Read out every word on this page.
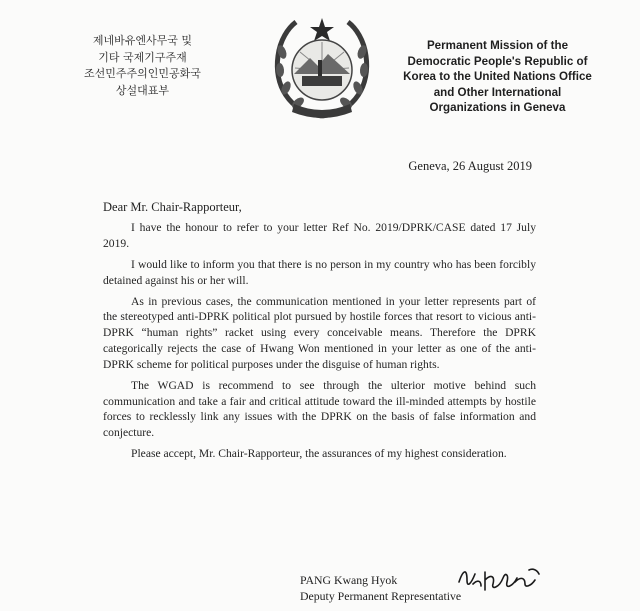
제네바유엔사무국 및
기타 국제기구주재
조선민주주의인민공화국
상설대표부
Permanent Mission of the
Democratic People's Republic of
Korea to the United Nations Office
and Other International
Organizations in Geneva
Geneva, 26 August 2019
Dear Mr. Chair-Rapporteur,

I have the honour to refer to your letter Ref No. 2019/DPRK/CASE dated 17 July 2019.

I would like to inform you that there is no person in my country who has been forcibly detained against his or her will.

As in previous cases, the communication mentioned in your letter represents part of the stereotyped anti-DPRK political plot pursued by hostile forces that resort to vicious anti-DPRK “human rights” racket using every conceivable means. Therefore the DPRK categorically rejects the case of Hwang Won mentioned in your letter as one of the anti-DPRK scheme for political purposes under the disguise of human rights.

The WGAD is recommend to see through the ulterior motive behind such communication and take a fair and critical attitude toward the ill-minded attempts by hostile forces to recklessly link any issues with the DPRK on the basis of false information and conjecture.

Please accept, Mr. Chair-Rapporteur, the assurances of my highest consideration.

PANG Kwang Hyok
Deputy Permanent Representative
